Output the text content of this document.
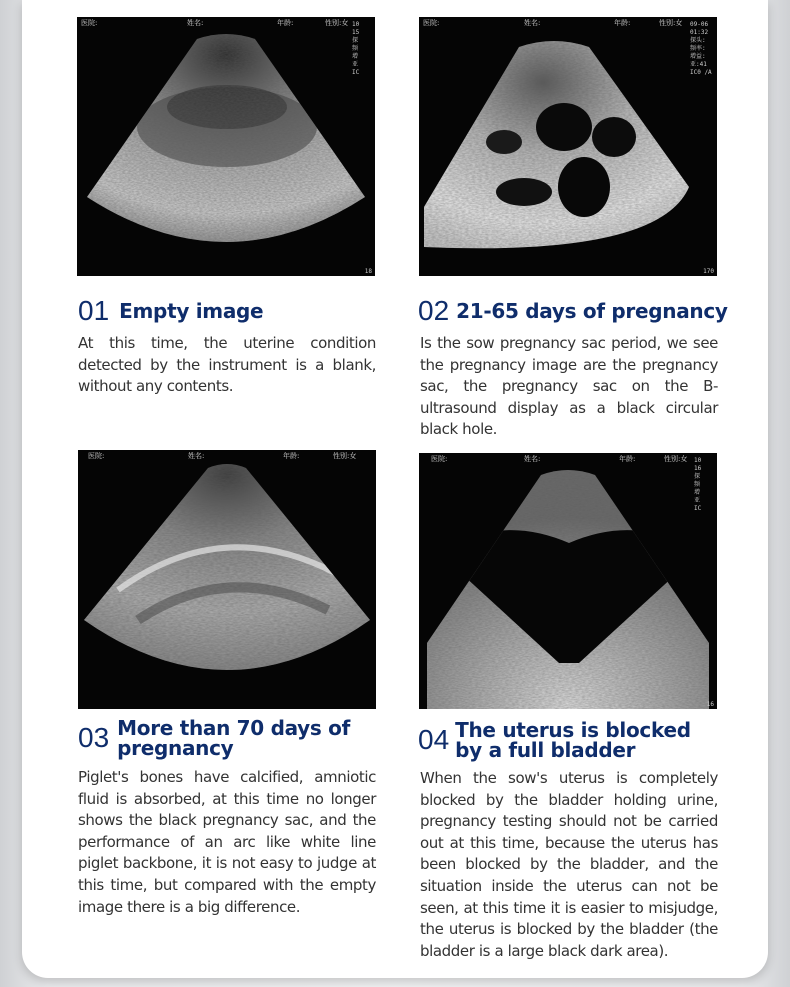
医院:	姓名:	年龄:	性别:女 10
15
探
频
增
亚
IC
18
01 Empty image
At this time, the uterine condition detected by the instrument is a blank, without any contents.
医院:	姓名:	年龄:	性别:女 09-06
01:32
探头:
频率:
增益:
亚:41
IC0 /A
170
02 21-65 days of pregnancy
Is the sow pregnancy sac period, we see the pregnancy image are the pregnancy sac, the pregnancy sac on the B-ultrasound display as a black circular black hole.
医院:	姓名:	年龄:	性别:女
03 More than 70 days of pregnancy
Piglet's bones have calcified, amniotic fluid is absorbed, at this time no longer shows the black pregnancy sac, and the performance of an arc like white line piglet backbone, it is not easy to judge at this time, but compared with the empty image there is a big difference.
医院:	姓名:	年龄:	性别:女 10
16
探
频
增
亚
IC
16
04 The uterus is blocked by a full bladder
When the sow's uterus is completely blocked by the bladder holding urine, pregnancy testing should not be carried out at this time, because the uterus has been blocked by the bladder, and the situation inside the uterus can not be seen, at this time it is easier to misjudge, the uterus is blocked by the bladder (the bladder is a large black dark area).
